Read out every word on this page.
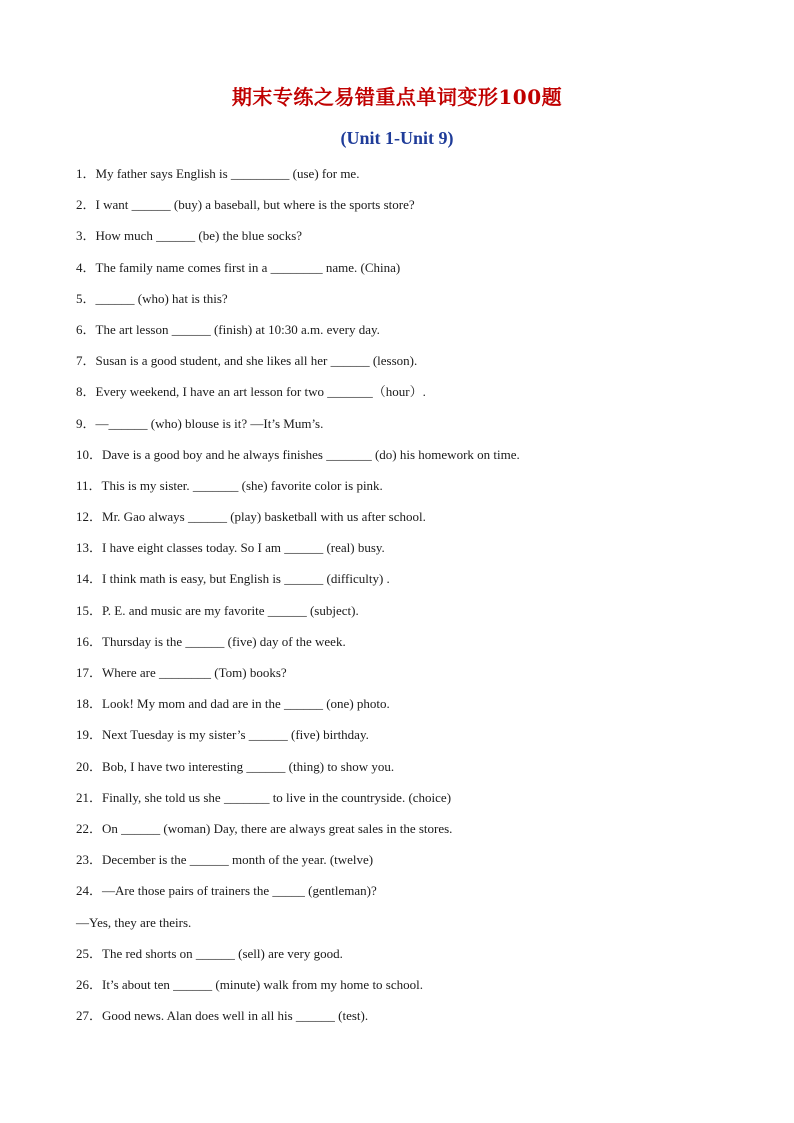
期末专练之易错重点单词变形100题
(Unit 1-Unit 9)
1．My father says English is _________ (use) for me.
2．I want ______ (buy) a baseball, but where is the sports store?
3．How much ______ (be) the blue socks?
4．The family name comes first in a ________ name. (China)
5．______ (who) hat is this?
6．The art lesson ______ (finish) at 10:30 a.m. every day.
7．Susan is a good student, and she likes all her ______ (lesson).
8．Every weekend, I have an art lesson for two _______（hour）.
9．—______ (who) blouse is it? —It’s Mum’s.
10．Dave is a good boy and he always finishes _______ (do) his homework on time.
11．This is my sister. _______ (she) favorite color is pink.
12．Mr. Gao always ______ (play) basketball with us after school.
13．I have eight classes today. So I am ______ (real) busy.
14．I think math is easy, but English is ______ (difficulty) .
15．P. E. and music are my favorite ______ (subject).
16．Thursday is the ______ (five) day of the week.
17．Where are ________ (Tom) books?
18．Look! My mom and dad are in the ______ (one) photo.
19．Next Tuesday is my sister’s ______ (five) birthday.
20．Bob, I have two interesting ______ (thing) to show you.
21．Finally, she told us she _______ to live in the countryside. (choice)
22．On ______ (woman) Day, there are always great sales in the stores.
23．December is the ______ month of the year. (twelve)
24．—Are those pairs of trainers the _____ (gentleman)?
—Yes, they are theirs.
25．The red shorts on ______ (sell) are very good.
26．It’s about ten ______ (minute) walk from my home to school.
27．Good news. Alan does well in all his ______ (test).
